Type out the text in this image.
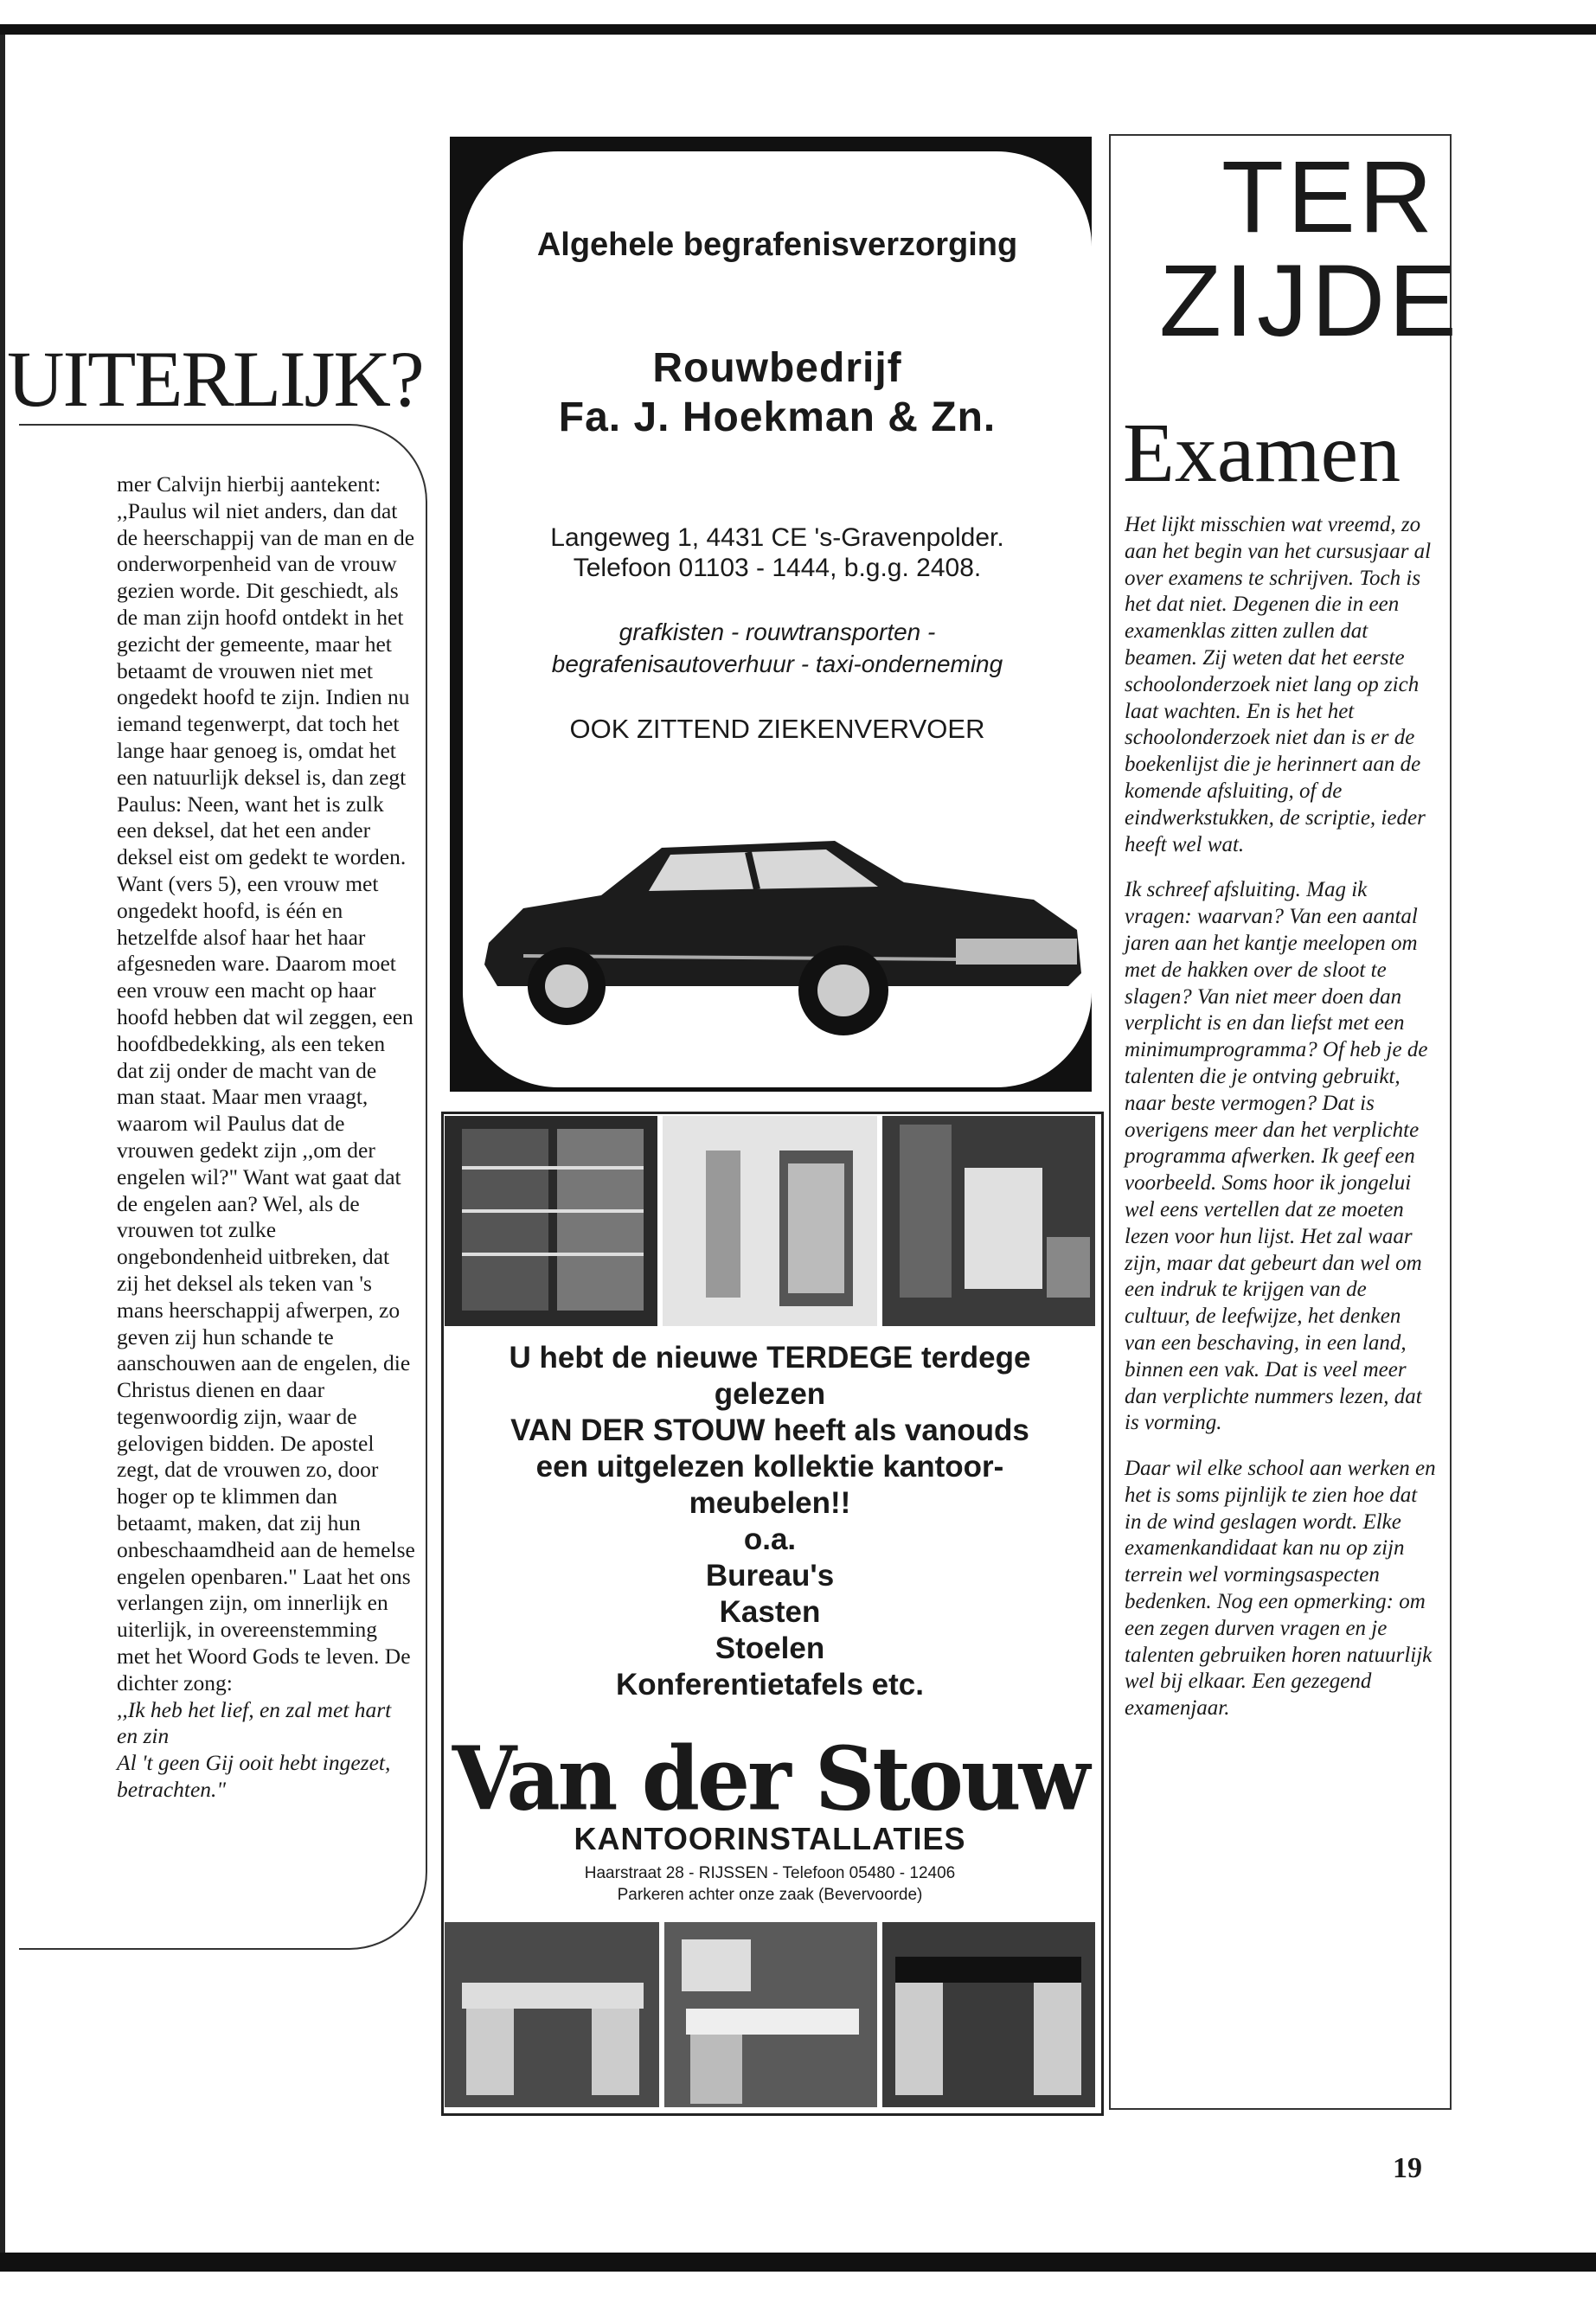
UITERLIJK?

mer Calvijn hierbij aantekent:

,,Paulus wil niet anders, dan dat de heerschappij van de man en de onderworpenheid van de vrouw gezien worde. Dit geschiedt, als de man zijn hoofd ontdekt in het gezicht der gemeente, maar het betaamt de vrouwen niet met ongedekt hoofd te zijn. Indien nu iemand tegenwerpt, dat toch het lange haar genoeg is, omdat het een natuurlijk deksel is, dan zegt Paulus: Neen, want het is zulk een deksel, dat het een ander deksel eist om gedekt te worden. Want (vers 5), een vrouw met ongedekt hoofd, is één en hetzelfde alsof haar het haar afgesneden ware. Daarom moet een vrouw een macht op haar hoofd hebben dat wil zeggen, een hoofdbedekking, als een teken dat zij onder de macht van de man staat. Maar men vraagt, waarom wil Paulus dat de vrouwen gedekt zijn ,,om der engelen wil?" Want wat gaat dat de engelen aan? Wel, als de vrouwen tot zulke ongebondenheid uitbreken, dat zij het deksel als teken van 's mans heerschappij afwerpen, zo geven zij hun schande te aanschouwen aan de engelen, die Christus dienen en daar tegenwoordig zijn, waar de gelovigen bidden. De apostel zegt, dat de vrouwen zo, door hoger op te klimmen dan betaamt, maken, dat zij hun onbeschaamdheid aan de hemelse engelen openbaren." Laat het ons verlangen zijn, om innerlijk en uiterlijk, in overeenstemming met het Woord Gods te leven. De dichter zong:

,,Ik heb het lief, en zal met hart en zin

Al 't geen Gij ooit hebt ingezet, betrachten."

Algehele begrafenisverzorging
Rouwbedrijf
Fa. J. Hoekman & Zn.
Langeweg 1, 4431 CE 's-Gravenpolder.
Telefoon 01103 - 1444, b.g.g. 2408.
grafkisten - rouwtransporten -
begrafenisautoverhuur - taxi-onderneming
OOK ZITTEND ZIEKENVERVOER
U hebt de nieuwe TERDEGE terdege
gelezen
VAN DER STOUW heeft als vanouds
een uitgelezen kollektie kantoor-
meubelen!!
o.a.
Bureau's
Kasten
Stoelen
Konferentietafels etc.
Van der Stouw
KANTOORINSTALLATIES
Haarstraat 28 - RIJSSEN - Telefoon 05480 - 12406
Parkeren achter onze zaak (Bevervoorde)
TER
ZIJDE
Examen

Het lijkt misschien wat vreemd, zo aan het begin van het cursusjaar al over examens te schrijven. Toch is het dat niet. Degenen die in een examenklas zitten zullen dat beamen. Zij weten dat het eerste schoolonderzoek niet lang op zich laat wachten. En is het het schoolonderzoek niet dan is er de boekenlijst die je herinnert aan de komende afsluiting, of de eindwerkstukken, de scriptie, ieder heeft wel wat.

Ik schreef afsluiting. Mag ik vragen: waarvan? Van een aantal jaren aan het kantje meelopen om met de hakken over de sloot te slagen? Van niet meer doen dan verplicht is en dan liefst met een minimumprogramma? Of heb je de talenten die je ontving gebruikt, naar beste vermogen? Dat is overigens meer dan het verplichte programma afwerken. Ik geef een voorbeeld. Soms hoor ik jongelui wel eens vertellen dat ze moeten lezen voor hun lijst. Het zal waar zijn, maar dat gebeurt dan wel om een indruk te krijgen van de cultuur, de leefwijze, het denken van een beschaving, in een land, binnen een vak. Dat is veel meer dan verplichte nummers lezen, dat is vorming.

Daar wil elke school aan werken en het is soms pijnlijk te zien hoe dat in de wind geslagen wordt. Elke examenkandidaat kan nu op zijn terrein wel vormingsaspecten bedenken. Nog een opmerking: om een zegen durven vragen en je talenten gebruiken horen natuurlijk wel bij elkaar. Een gezegend examenjaar.

19
